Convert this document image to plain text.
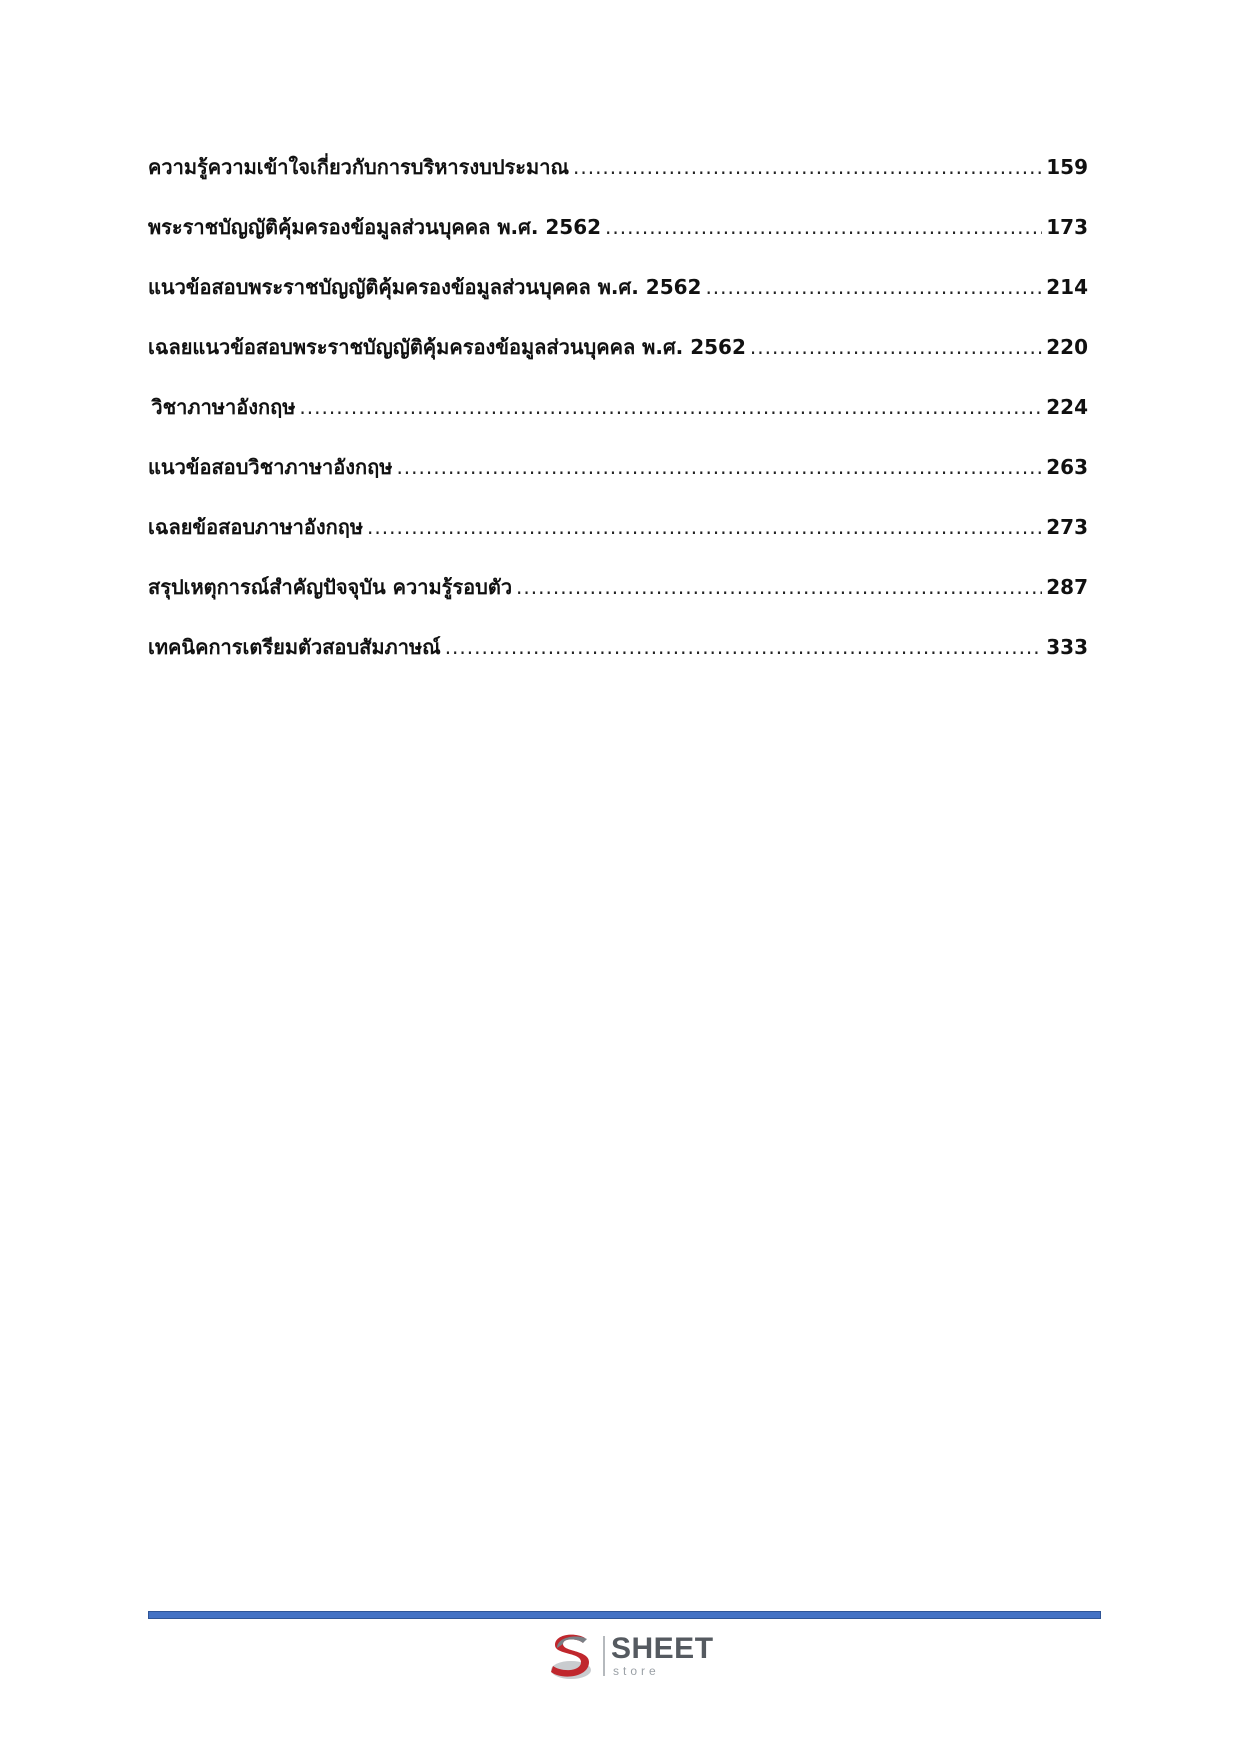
ความรู้ความเข้าใจเกี่ยวกับการบริหารงบประมาณ .....	159
พระราชบัญญัติคุ้มครองข้อมูลส่วนบุคคล พ.ศ. 2562 .....	173
แนวข้อสอบพระราชบัญญัติคุ้มครองข้อมูลส่วนบุคคล พ.ศ. 2562 .....	214
เฉลยแนวข้อสอบพระราชบัญญัติคุ้มครองข้อมูลส่วนบุคคล พ.ศ. 2562 .....	220
วิชาภาษาอังกฤษ .....	224
แนวข้อสอบวิชาภาษาอังกฤษ .....	263
เฉลยข้อสอบภาษาอังกฤษ .....	273
สรุปเหตุการณ์สำคัญปัจจุบัน ความรู้รอบตัว .....	287
เทคนิคการเตรียมตัวสอบสัมภาษณ์ .....	333
SHEET
store
